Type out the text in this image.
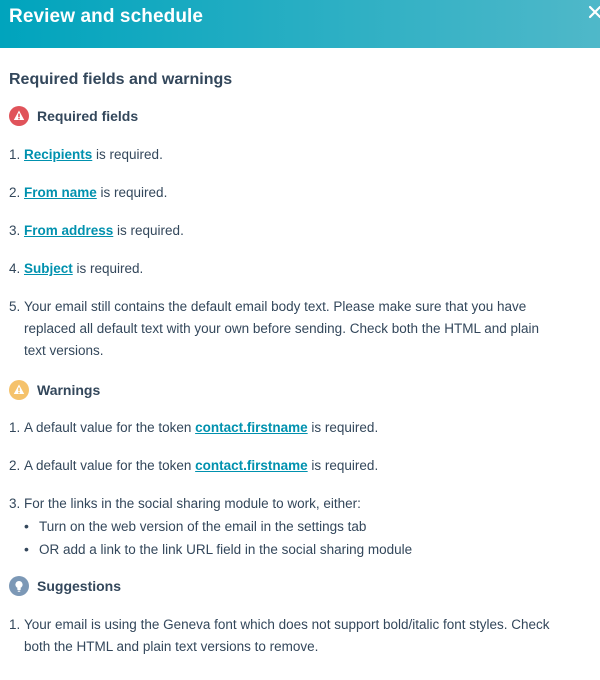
Review and schedule
Required fields and warnings
Required fields
1. Recipients is required.
2. From name is required.
3. From address is required.
4. Subject is required.
5. Your email still contains the default email body text. Please make sure that you have
replaced all default text with your own before sending. Check both the HTML and plain
text versions.
Warnings
1. A default value for the token contact.firstname is required.
2. A default value for the token contact.firstname is required.
3. For the links in the social sharing module to work, either:
• Turn on the web version of the email in the settings tab
• OR add a link to the link URL field in the social sharing module
Suggestions
1. Your email is using the Geneva font which does not support bold/italic font styles. Check
both the HTML and plain text versions to remove.
